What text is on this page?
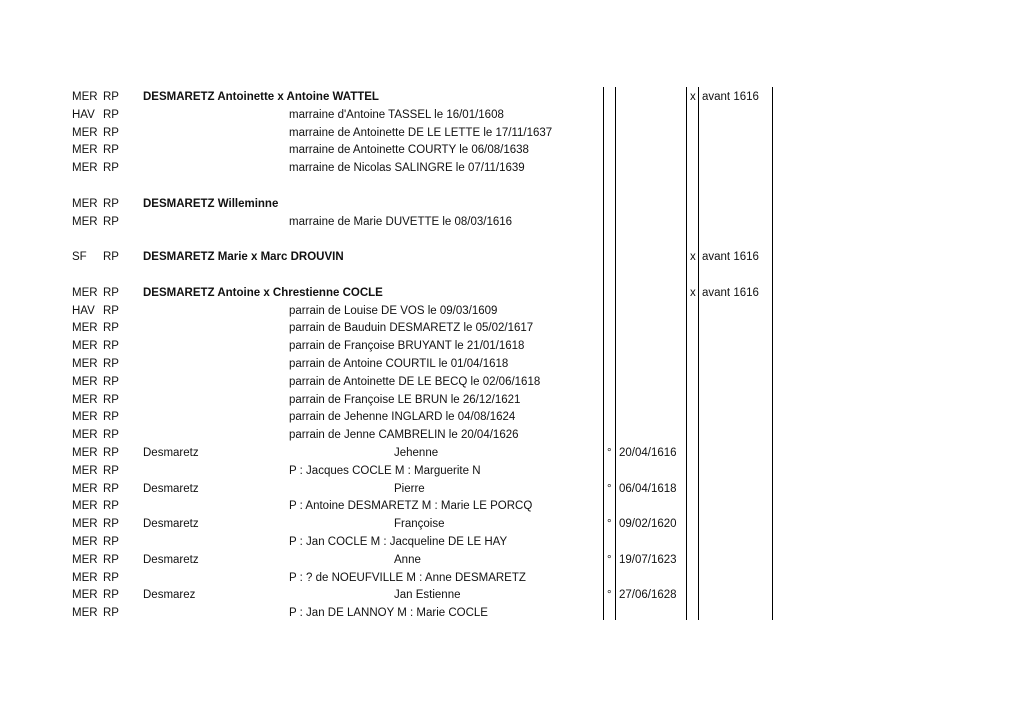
MER RP DESMARETZ Antoinette x Antoine WATTEL	x avant 1616
HAV RP	marraine d'Antoine TASSEL le 16/01/1608
MER RP	marraine de Antoinette DE LE LETTE le 17/11/1637
MER RP	marraine de Antoinette COURTY le 06/08/1638
MER RP	marraine de Nicolas SALINGRE le 07/11/1639
MER RP DESMARETZ Willeminne
MER RP	marraine de Marie DUVETTE le 08/03/1616
SF RP DESMARETZ Marie x Marc DROUVIN	x avant 1616
MER RP DESMARETZ Antoine x Chrestienne COCLE	x avant 1616
HAV RP	parrain de Louise DE VOS le 09/03/1609
MER RP	parrain de Bauduin DESMARETZ le 05/02/1617
MER RP	parrain de Françoise BRUYANT le 21/01/1618
MER RP	parrain de Antoine COURTIL le 01/04/1618
MER RP	parrain de Antoinette DE LE BECQ le 02/06/1618
MER RP	parrain de Françoise LE BRUN le 26/12/1621
MER RP	parrain de Jehenne INGLARD le 04/08/1624
MER RP	parrain de Jenne CAMBRELIN le 20/04/1626
MER RP Desmaretz	Jehenne	° 20/04/1616
MER RP	P : Jacques COCLE M : Marguerite N
MER RP Desmaretz	Pierre	° 06/04/1618
MER RP	P : Antoine DESMARETZ M : Marie LE PORCQ
MER RP Desmaretz	Françoise	° 09/02/1620
MER RP	P : Jan COCLE M : Jacqueline DE LE HAY
MER RP Desmaretz	Anne	° 19/07/1623
MER RP	P : ? de NOEUFVILLE M : Anne DESMARETZ
MER RP Desmarez	Jan Estienne	° 27/06/1628
MER RP	P : Jan DE LANNOY M : Marie COCLE
